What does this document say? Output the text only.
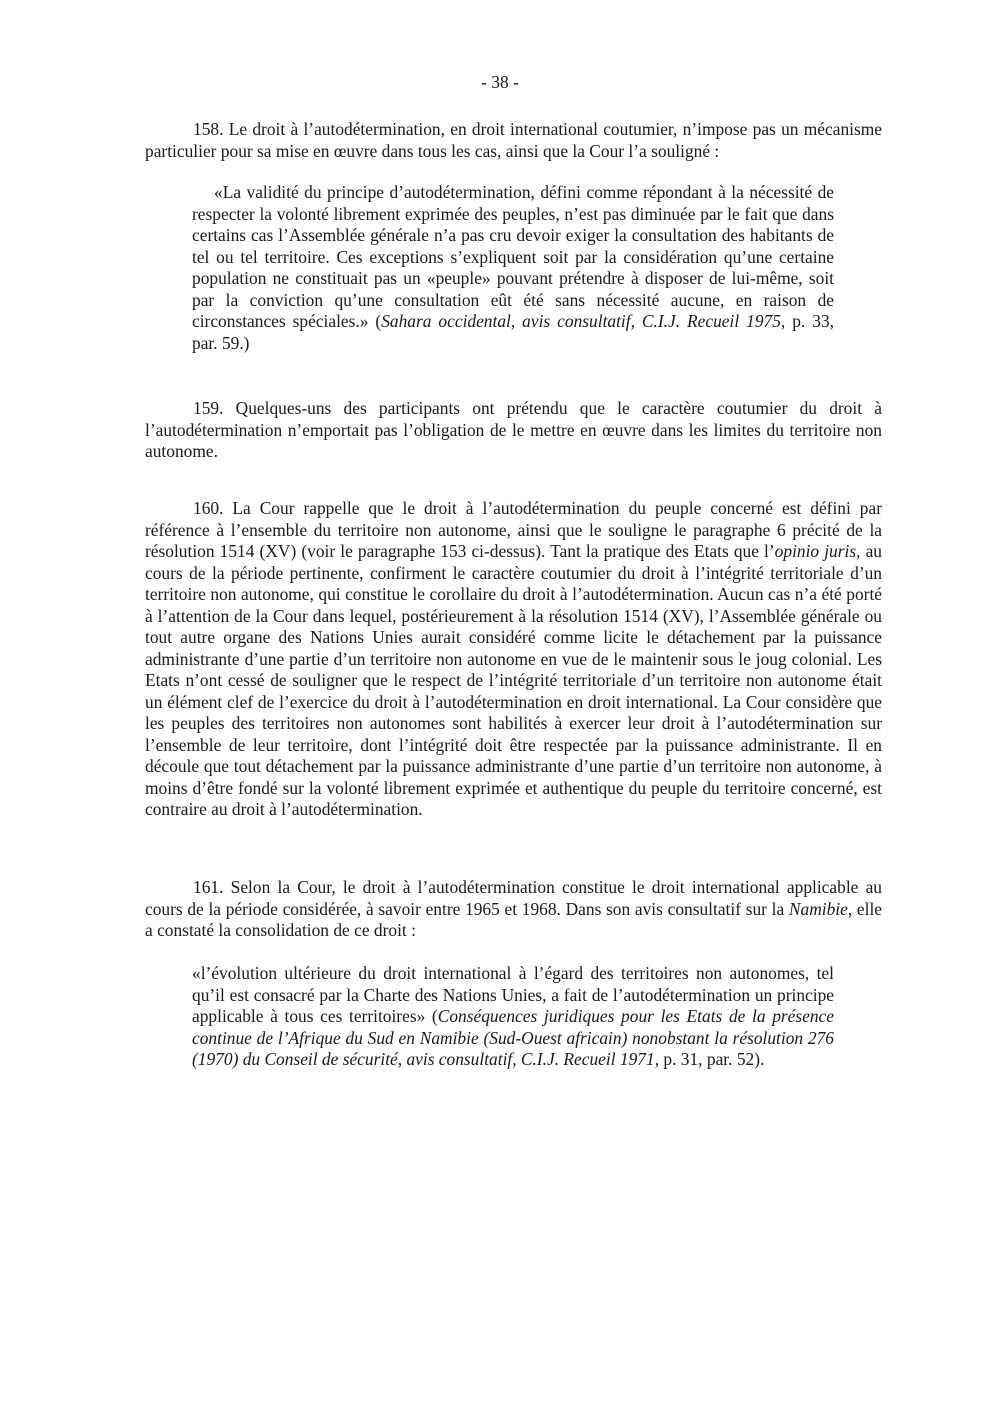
- 38 -

158. Le droit à l’autodétermination, en droit international coutumier, n’impose pas un mécanisme particulier pour sa mise en œuvre dans tous les cas, ainsi que la Cour l’a souligné :

«La validité du principe d’autodétermination, défini comme répondant à la nécessité de respecter la volonté librement exprimée des peuples, n’est pas diminuée par le fait que dans certains cas l’Assemblée générale n’a pas cru devoir exiger la consultation des habitants de tel ou tel territoire. Ces exceptions s’expliquent soit par la considération qu’une certaine population ne constituait pas un «peuple» pouvant prétendre à disposer de lui-même, soit par la conviction qu’une consultation eût été sans nécessité aucune, en raison de circonstances spéciales.» (Sahara occidental, avis consultatif, C.I.J. Recueil 1975, p. 33, par. 59.)

159. Quelques-uns des participants ont prétendu que le caractère coutumier du droit à l’autodétermination n’emportait pas l’obligation de le mettre en œuvre dans les limites du territoire non autonome.

160. La Cour rappelle que le droit à l’autodétermination du peuple concerné est défini par référence à l’ensemble du territoire non autonome, ainsi que le souligne le paragraphe 6 précité de la résolution 1514 (XV) (voir le paragraphe 153 ci-dessus). Tant la pratique des Etats que l’opinio juris, au cours de la période pertinente, confirment le caractère coutumier du droit à l’intégrité territoriale d’un territoire non autonome, qui constitue le corollaire du droit à l’autodétermination. Aucun cas n’a été porté à l’attention de la Cour dans lequel, postérieurement à la résolution 1514 (XV), l’Assemblée générale ou tout autre organe des Nations Unies aurait considéré comme licite le détachement par la puissance administrante d’une partie d’un territoire non autonome en vue de le maintenir sous le joug colonial. Les Etats n’ont cessé de souligner que le respect de l’intégrité territoriale d’un territoire non autonome était un élément clef de l’exercice du droit à l’autodétermination en droit international. La Cour considère que les peuples des territoires non autonomes sont habilités à exercer leur droit à l’autodétermination sur l’ensemble de leur territoire, dont l’intégrité doit être respectée par la puissance administrante. Il en découle que tout détachement par la puissance administrante d’une partie d’un territoire non autonome, à moins d’être fondé sur la volonté librement exprimée et authentique du peuple du territoire concerné, est contraire au droit à l’autodétermination.

161. Selon la Cour, le droit à l’autodétermination constitue le droit international applicable au cours de la période considérée, à savoir entre 1965 et 1968. Dans son avis consultatif sur la Namibie, elle a constaté la consolidation de ce droit :

«l’évolution ultérieure du droit international à l’égard des territoires non autonomes, tel qu’il est consacré par la Charte des Nations Unies, a fait de l’autodétermination un principe applicable à tous ces territoires» (Conséquences juridiques pour les Etats de la présence continue de l’Afrique du Sud en Namibie (Sud-Ouest africain) nonobstant la résolution 276 (1970) du Conseil de sécurité, avis consultatif, C.I.J. Recueil 1971, p. 31, par. 52).
